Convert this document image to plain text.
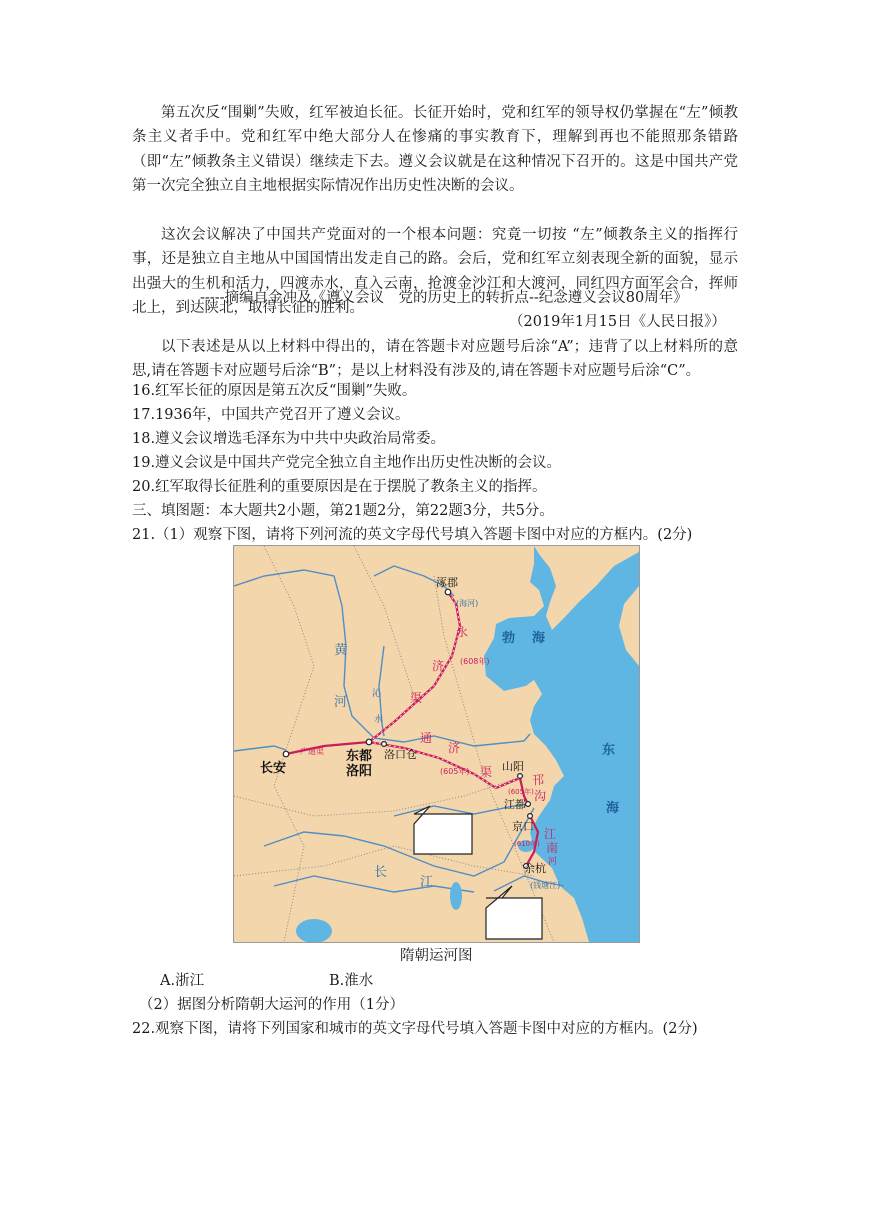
第五次反“围剿”失败，红军被迫长征。长征开始时，党和红军的领导权仍掌握在“左”倾教条主义者手中。党和红军中绝大部分人在惨痛的事实教育下，理解到再也不能照那条错路（即“左”倾教条主义错误）继续走下去。遵义会议就是在这种情况下召开的。这是中国共产党第一次完全独立自主地根据实际情况作出历史性决断的会议。

这次会议解决了中国共产党面对的一个根本问题：究竟一切按 “左”倾教条主义的指挥行事，还是独立自主地从中国国情出发走自己的路。会后，党和红军立刻表现全新的面貌，显示出强大的生机和活力，四渡赤水，直入云南，抢渡金沙江和大渡河，同红四方面军会合，挥师北上，到达陕北，取得长征的胜利。

-----摘编自金冲及《遵义会议　党的历史上的转折点--纪念遵义会议80周年》

（2019年1月15日《人民日报》）

以下表述是从以上材料中得出的，请在答题卡对应题号后涂“A”；违背了以上材料所的意思,请在答题卡对应题号后涂“B”；是以上材料没有涉及的,请在答题卡对应题号后涂“C”。

16.红军长征的原因是第五次反“围剿”失败。

17.1936年，中国共产党召开了遵义会议。

18.遵义会议增选毛泽东为中共中央政治局常委。

19.遵义会议是中国共产党完全独立自主地作出历史性决断的会议。

20.红军取得长征胜利的重要原因是在于摆脱了教条主义的指挥。

三、填图题：本大题共2小题，第21题2分，第22题3分，共5分。

21.（1）观察下图，请将下列河流的英文字母代号填入答题卡图中对应的方框内。(2分)

涿郡
长安
东都
洛阳
洛口仓
山阳
江都
京口
余杭
勃 海
东
海
黄
河
长
江
沁
水
(海河)
(钱塘江)
永
济
渠
(608年)
通
济
渠
(605年)
邗
沟
(605年)
江
南
河
(610年)
广通渠

隋朝运河图

A.浙江	B.淮水

（2）据图分析隋朝大运河的作用（1分）

22.观察下图，请将下列国家和城市的英文字母代号填入答题卡图中对应的方框内。(2分)
